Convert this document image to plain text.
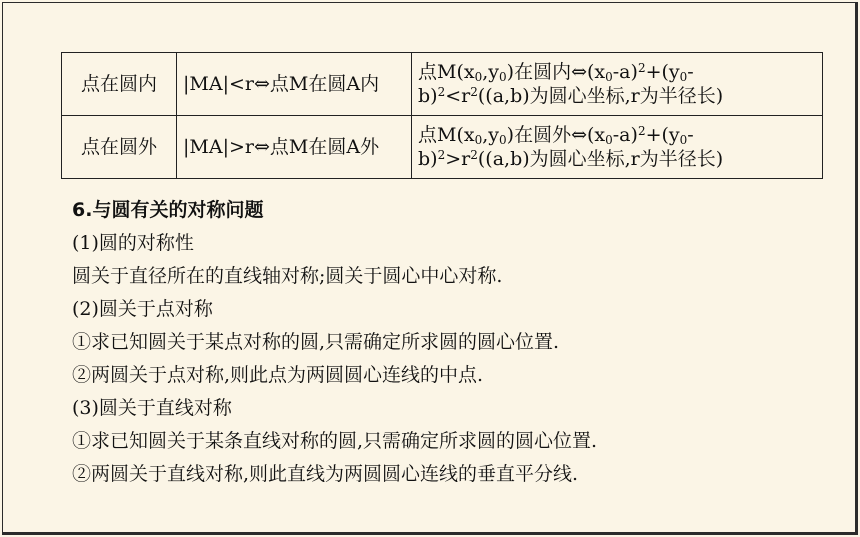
点在圆内	|MA|<r⇔点M在圆A内	点$M(x_0,y_0)$在圆内$\Leftrightarrow(x_0-a)^2+(y_0-$
$b)^2<r^2((a,b)$为圆心坐标,r为半径长)

点在圆外	|MA|>r⇔点M在圆A外	点$M(x_0,y_0)$在圆外$\Leftrightarrow(x_0-a)^2+(y_0-$
$b)^2>r^2((a,b)$为圆心坐标,r为半径长)
6.与圆有关的对称问题
(1)圆的对称性
圆关于直径所在的直线轴对称;圆关于圆心中心对称.
(2)圆关于点对称
①求已知圆关于某点对称的圆,只需确定所求圆的圆心位置.
②两圆关于点对称,则此点为两圆圆心连线的中点.
(3)圆关于直线对称
①求已知圆关于某条直线对称的圆,只需确定所求圆的圆心位置.
②两圆关于直线对称,则此直线为两圆圆心连线的垂直平分线.
